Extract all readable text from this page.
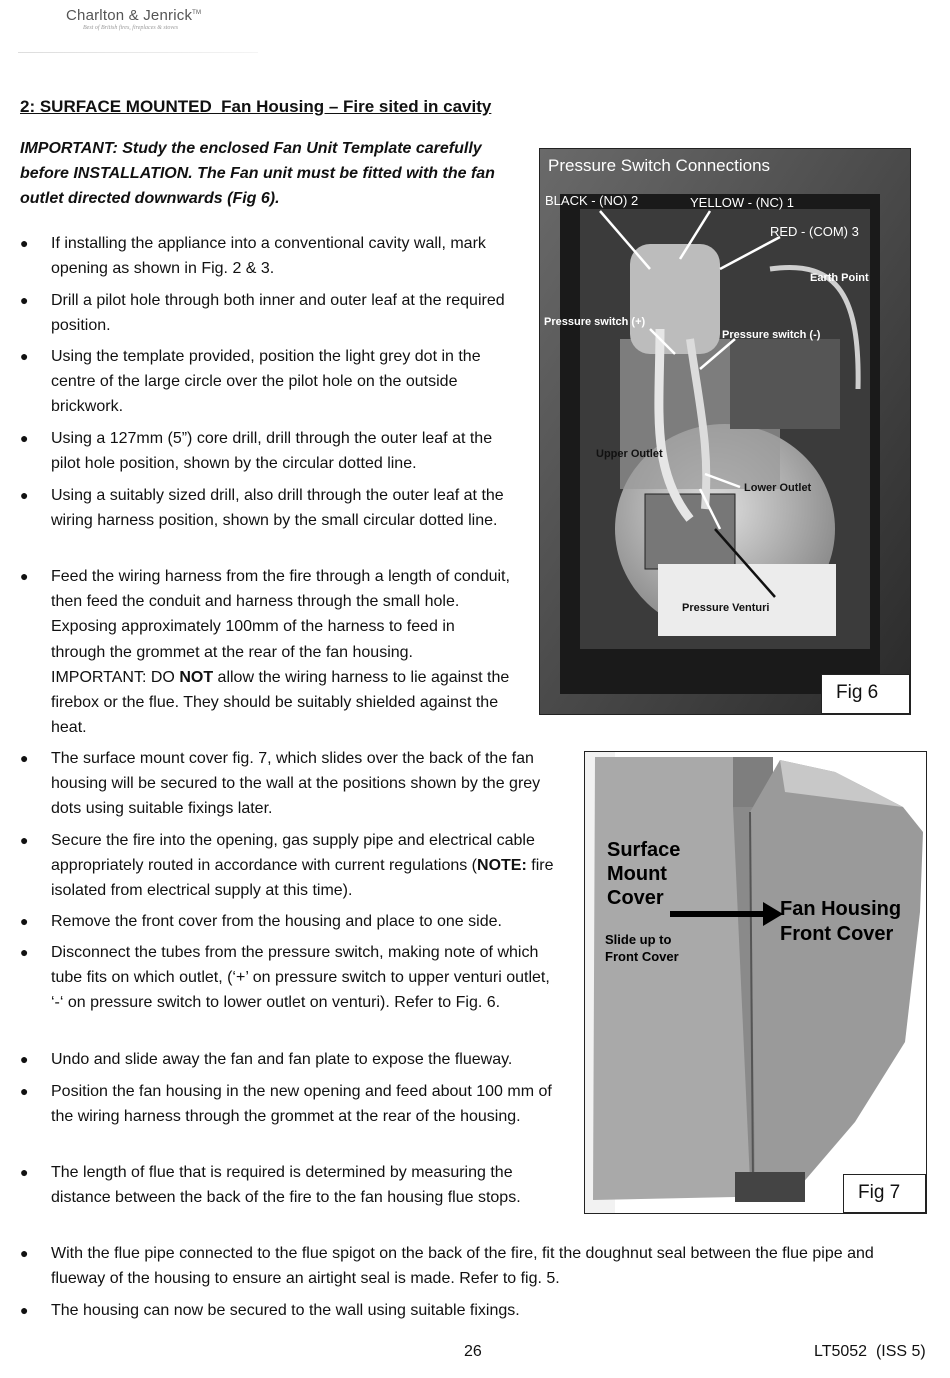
Charlton & Jenrick™
Best of British fires, fireplaces & stoves
2: SURFACE MOUNTED  Fan Housing – Fire sited in cavity
IMPORTANT: Study the enclosed Fan Unit Template carefully before INSTALLATION. The Fan unit must be fitted with the fan outlet directed downwards (Fig 6).
● If installing the appliance into a conventional cavity wall, mark opening as shown in Fig. 2 & 3.
● Drill a pilot hole through both inner and outer leaf at the required position.
● Using the template provided, position the light grey dot in the centre of the large circle over the pilot hole on the outside brickwork.
● Using a 127mm (5”) core drill, drill through the outer leaf at the pilot hole position, shown by the circular dotted line.
● Using a suitably sized drill, also drill through the outer leaf at the wiring harness position, shown by the small circular dotted line.
● Feed the wiring harness from the fire through a length of conduit, then feed the conduit and harness through the small hole. Exposing approximately 100mm of the harness to feed in through the grommet at the rear of the fan housing. IMPORTANT: DO NOT allow the wiring harness to lie against the firebox or the flue. They should be suitably shielded against the heat.
● The surface mount cover fig. 7, which slides over the back of the fan housing will be secured to the wall at the positions shown by the grey dots using suitable fixings later.
● Secure the fire into the opening, gas supply pipe and electrical cable appropriately routed in accordance with current regulations (NOTE: fire isolated from electrical supply at this time).
● Remove the front cover from the housing and place to one side.
● Disconnect the tubes from the pressure switch, making note of which tube fits on which outlet, (‘+’ on pressure switch to upper venturi outlet, ‘-‘ on pressure switch to lower outlet on venturi). Refer to Fig. 6.
● Undo and slide away the fan and fan plate to expose the flueway.
● Position the fan housing in the new opening and feed about 100 mm of the wiring harness through the grommet at the rear of the housing.
● The length of flue that is required is determined by measuring the distance between the back of the fire to the fan housing flue stops.
● With the flue pipe connected to the flue spigot on the back of the fire, fit the doughnut seal between the flue pipe and flueway of the housing to ensure an airtight seal is made. Refer to fig. 5.
● The housing can now be secured to the wall using suitable fixings.
Pressure Switch Connections
BLACK - (NO) 2	YELLOW - (NC) 1
RED - (COM) 3
Earth Point
Pressure switch (+)
Pressure switch (-)
Upper Outlet
Lower Outlet
Pressure Venturi
Fig 6
Surface
Mount
Cover
Slide up to
Front Cover
Fan Housing
Front Cover
Fig 7
26	LT5052  (ISS 5)
